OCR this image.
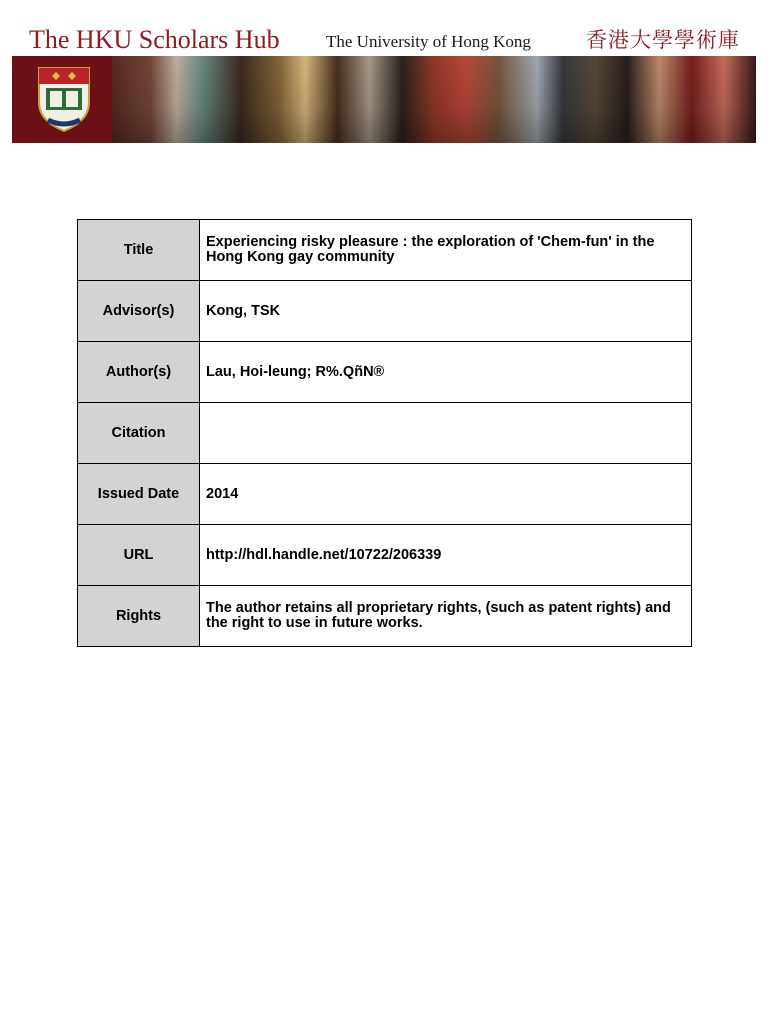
The HKU Scholars Hub	The University of Hong Kong	香港大學學術庫
Title	Experiencing risky pleasure : the exploration of 'Chem-fun' in the Hong Kong gay community
Advisor(s)	Kong, TSK
Author(s)	Lau, Hoi-leung; R%.QñN®
Citation	
Issued Date	2014
URL	http://hdl.handle.net/10722/206339
Rights	The author retains all proprietary rights, (such as patent rights) and the right to use in future works.
